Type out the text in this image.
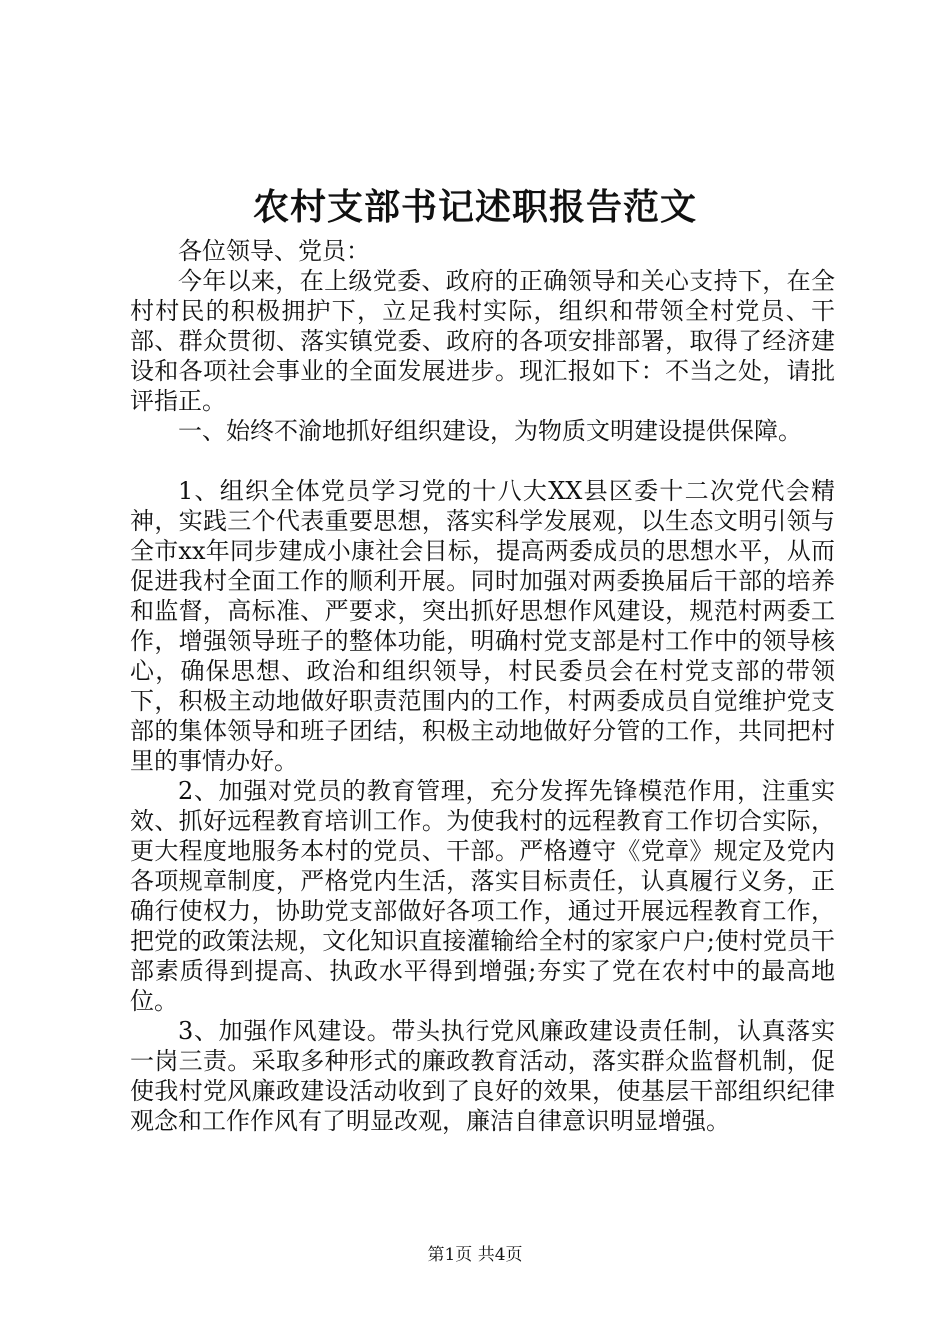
农村支部书记述职报告范文

各位领导、党员：

今年以来，在上级党委、政府的正确领导和关心支持下，在全村村民的积极拥护下，立足我村实际，组织和带领全村党员、干部、群众贯彻、落实镇党委、政府的各项安排部署，取得了经济建设和各项社会事业的全面发展进步。现汇报如下：不当之处，请批评指正。

一、始终不渝地抓好组织建设，为物质文明建设提供保障。

1、组织全体党员学习党的十八大XX县区委十二次党代会精神，实践三个代表重要思想，落实科学发展观，以生态文明引领与全市xx年同步建成小康社会目标，提高两委成员的思想水平，从而促进我村全面工作的顺利开展。同时加强对两委换届后干部的培养和监督，高标准、严要求，突出抓好思想作风建设，规范村两委工作，增强领导班子的整体功能，明确村党支部是村工作中的领导核心，确保思想、政治和组织领导，村民委员会在村党支部的带领下，积极主动地做好职责范围内的工作，村两委成员自觉维护党支部的集体领导和班子团结，积极主动地做好分管的工作，共同把村里的事情办好。

2、加强对党员的教育管理，充分发挥先锋模范作用，注重实效、抓好远程教育培训工作。为使我村的远程教育工作切合实际，更大程度地服务本村的党员、干部。严格遵守《党章》规定及党内各项规章制度，严格党内生活，落实目标责任，认真履行义务，正确行使权力，协助党支部做好各项工作，通过开展远程教育工作，把党的政策法规，文化知识直接灌输给全村的家家户户;使村党员干部素质得到提高、执政水平得到增强;夯实了党在农村中的最高地位。

3、加强作风建设。带头执行党风廉政建设责任制，认真落实一岗三责。采取多种形式的廉政教育活动，落实群众监督机制，促使我村党风廉政建设活动收到了良好的效果，使基层干部组织纪律观念和工作作风有了明显改观，廉洁自律意识明显增强。

第1页 共4页
